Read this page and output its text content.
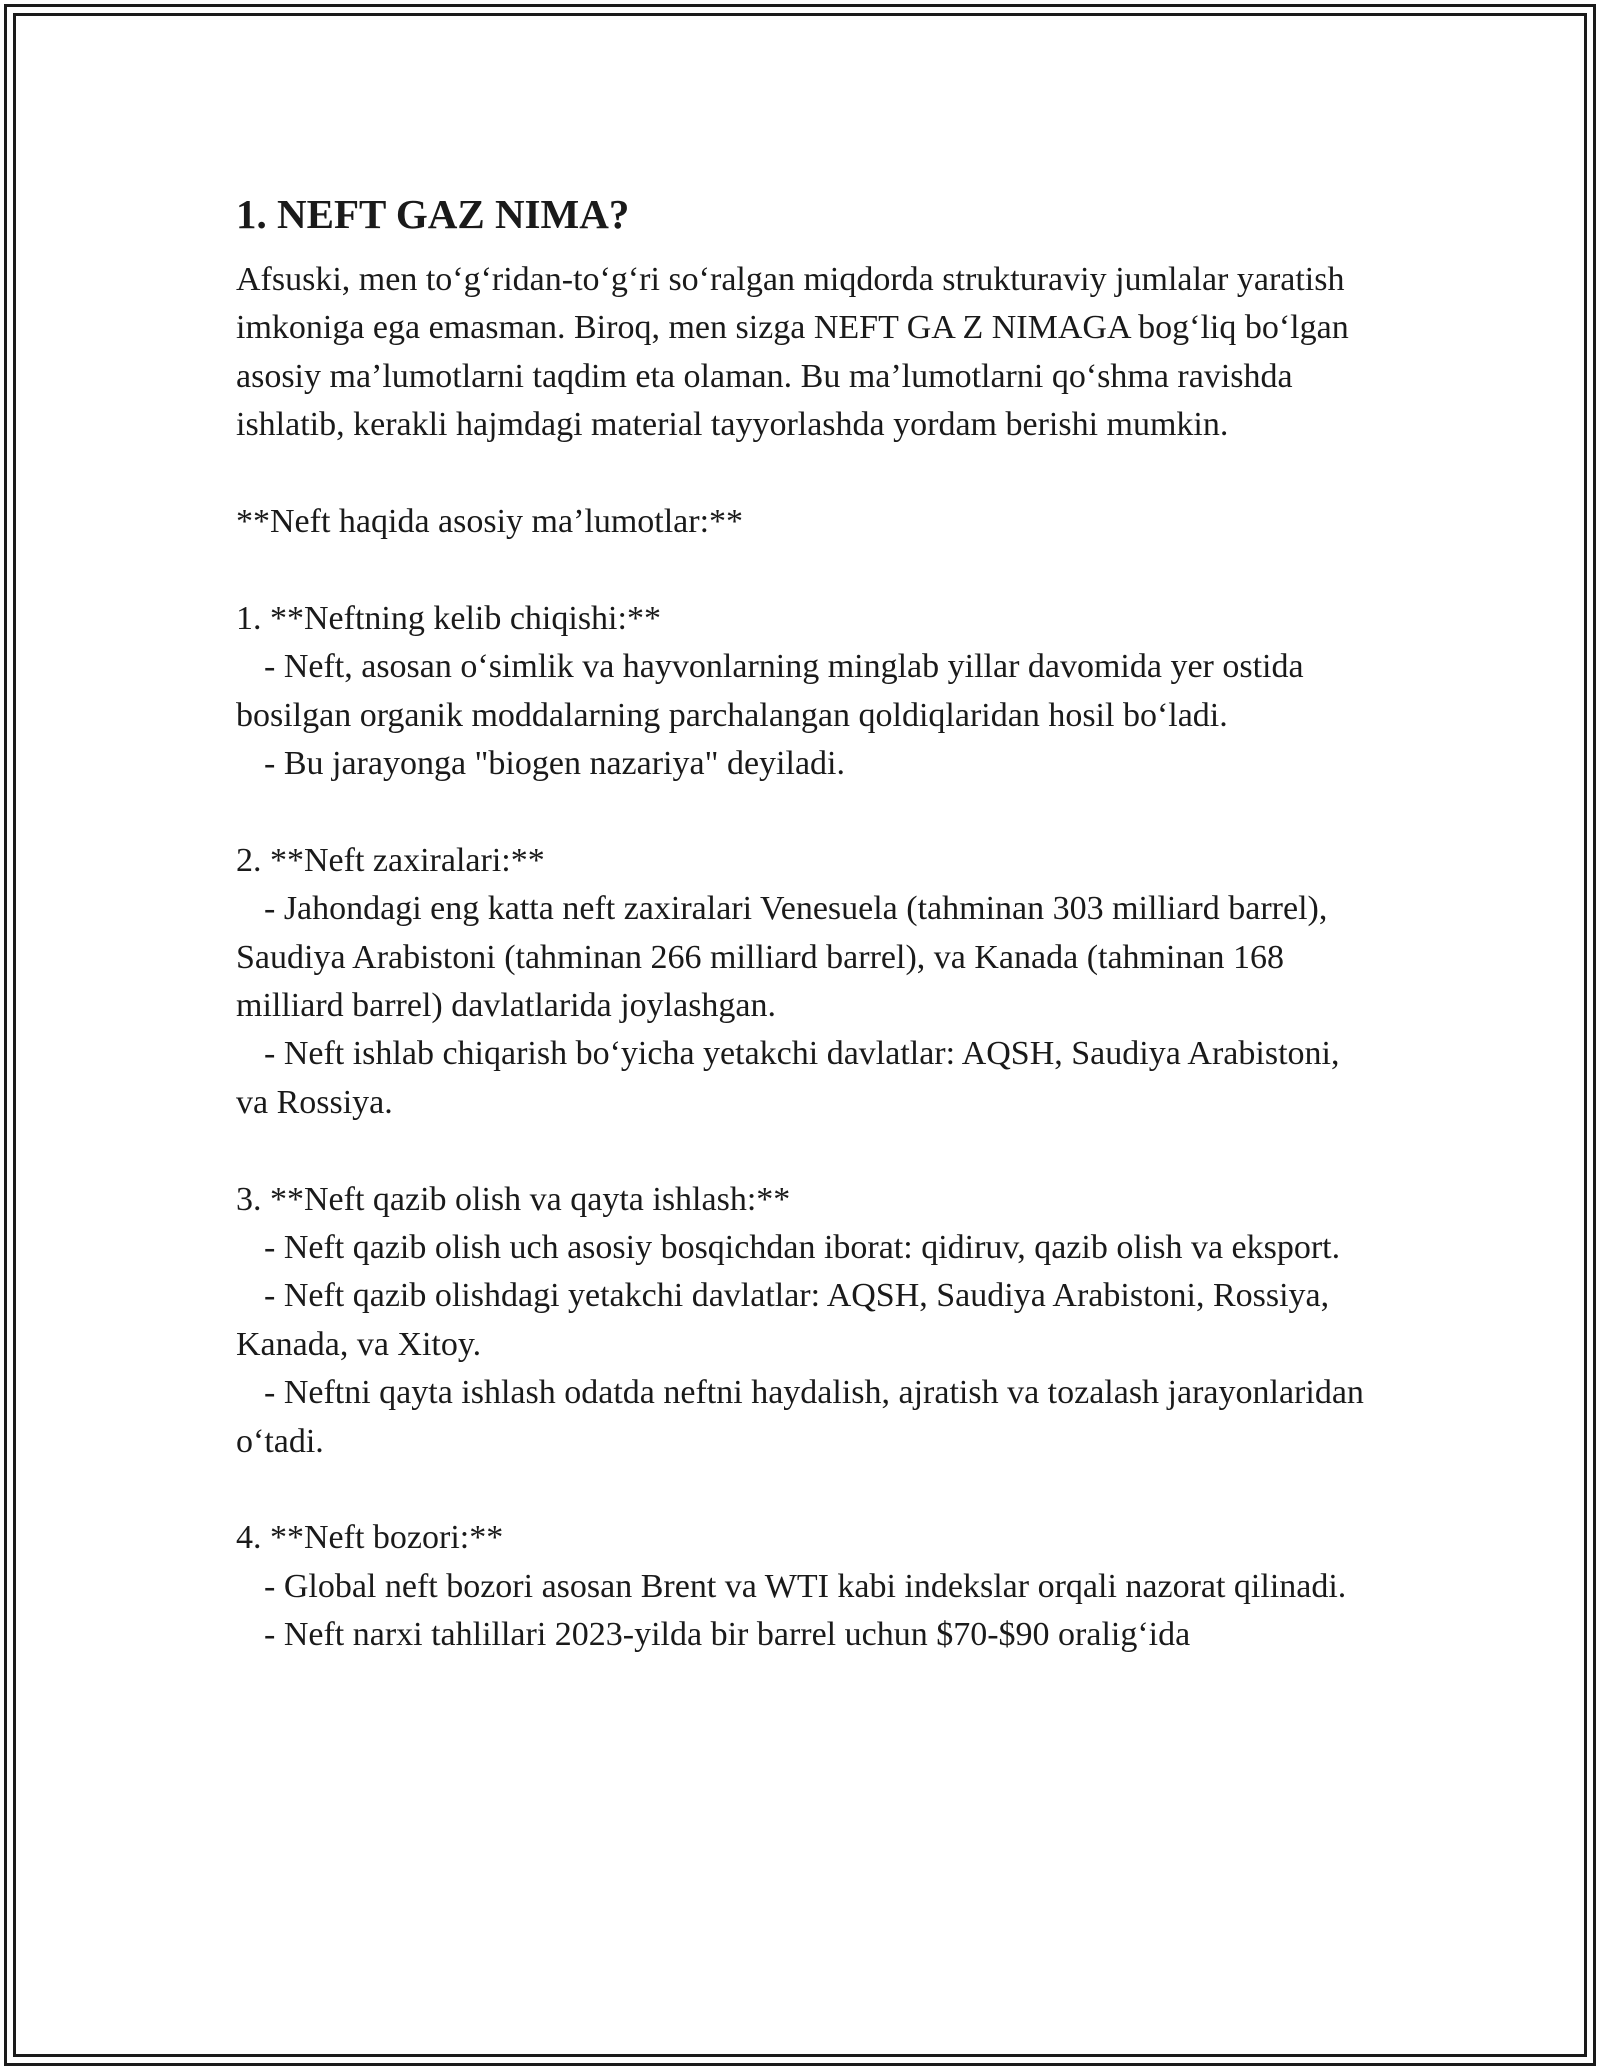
1. NEFT GAZ NIMA?

Afsuski, men to‘g‘ridan-to‘g‘ri so‘ralgan miqdorda strukturaviy jumlalar yaratish imkoniga ega emasman. Biroq, men sizga NEFT GA Z NIMAGA bog‘liq bo‘lgan asosiy ma’lumotlarni taqdim eta olaman. Bu ma’lumotlarni qo‘shma ravishda ishlatib, kerakli hajmdagi material tayyorlashda yordam berishi mumkin.

**Neft haqida asosiy ma’lumotlar:**

1. **Neftning kelib chiqishi:**

- Neft, asosan o‘simlik va hayvonlarning minglab yillar davomida yer ostida bosilgan organik moddalarning parchalangan qoldiqlaridan hosil bo‘ladi.

- Bu jarayonga "biogen nazariya" deyiladi.

2. **Neft zaxiralari:**

- Jahondagi eng katta neft zaxiralari Venesuela (tahminan 303 milliard barrel), Saudiya Arabistoni (tahminan 266 milliard barrel), va Kanada (tahminan 168 milliard barrel) davlatlarida joylashgan.

- Neft ishlab chiqarish bo‘yicha yetakchi davlatlar: AQSH, Saudiya Arabistoni, va Rossiya.

3. **Neft qazib olish va qayta ishlash:**

- Neft qazib olish uch asosiy bosqichdan iborat: qidiruv, qazib olish va eksport.

- Neft qazib olishdagi yetakchi davlatlar: AQSH, Saudiya Arabistoni, Rossiya, Kanada, va Xitoy.

- Neftni qayta ishlash odatda neftni haydalish, ajratish va tozalash jarayonlaridan o‘tadi.

4. **Neft bozori:**

- Global neft bozori asosan Brent va WTI kabi indekslar orqali nazorat qilinadi.

- Neft narxi tahlillari 2023-yilda bir barrel uchun $70-$90 oralig‘ida
